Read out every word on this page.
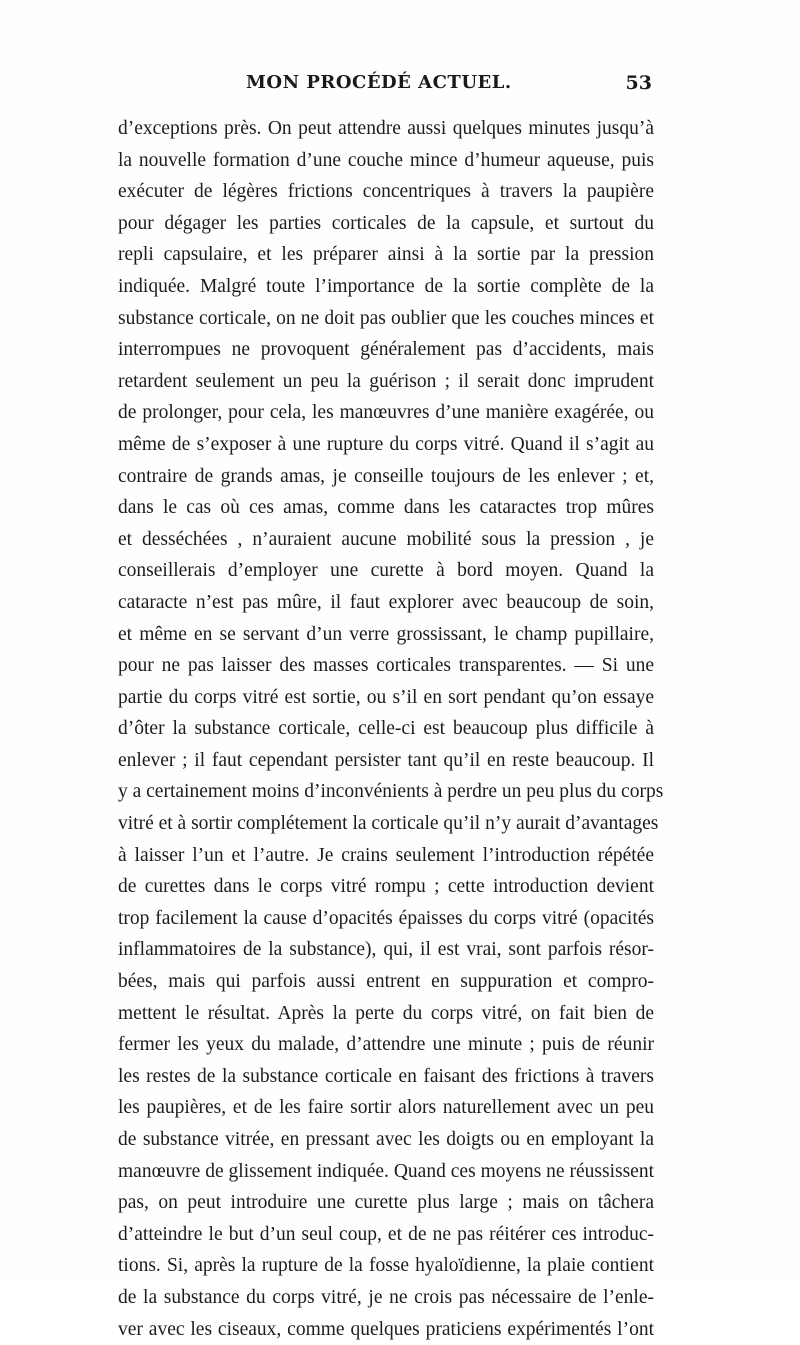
MON PROCÉDÉ ACTUEL.	53
d’exceptions près. On peut attendre aussi quelques minutes jusqu’à
la nouvelle formation d’une couche mince d’humeur aqueuse, puis
exécuter de légères frictions concentriques à travers la paupière
pour dégager les parties corticales de la capsule, et surtout du
repli capsulaire, et les préparer ainsi à la sortie par la pression
indiquée. Malgré toute l’importance de la sortie complète de la
substance corticale, on ne doit pas oublier que les couches minces et
interrompues ne provoquent généralement pas d’accidents, mais
retardent seulement un peu la guérison ; il serait donc imprudent
de prolonger, pour cela, les manœuvres d’une manière exagérée, ou
même de s’exposer à une rupture du corps vitré. Quand il s’agit au
contraire de grands amas, je conseille toujours de les enlever ; et,
dans le cas où ces amas, comme dans les cataractes trop mûres
et desséchées , n’auraient aucune mobilité sous la pression , je
conseillerais d’employer une curette à bord moyen. Quand la
cataracte n’est pas mûre, il faut explorer avec beaucoup de soin,
et même en se servant d’un verre grossissant, le champ pupillaire,
pour ne pas laisser des masses corticales transparentes. — Si une
partie du corps vitré est sortie, ou s’il en sort pendant qu’on essaye
d’ôter la substance corticale, celle-ci est beaucoup plus difficile à
enlever ; il faut cependant persister tant qu’il en reste beaucoup. Il
y a certainement moins d’inconvénients à perdre un peu plus du corps
vitré et à sortir complétement la corticale qu’il n’y aurait d’avantages
à laisser l’un et l’autre. Je crains seulement l’introduction répétée
de curettes dans le corps vitré rompu ; cette introduction devient
trop facilement la cause d’opacités épaisses du corps vitré (opacités
inflammatoires de la substance), qui, il est vrai, sont parfois résor-
bées, mais qui parfois aussi entrent en suppuration et compro-
mettent le résultat. Après la perte du corps vitré, on fait bien de
fermer les yeux du malade, d’attendre une minute ; puis de réunir
les restes de la substance corticale en faisant des frictions à travers
les paupières, et de les faire sortir alors naturellement avec un peu
de substance vitrée, en pressant avec les doigts ou en employant la
manœuvre de glissement indiquée. Quand ces moyens ne réussissent
pas, on peut introduire une curette plus large ; mais on tâchera
d’atteindre le but d’un seul coup, et de ne pas réitérer ces introduc-
tions. Si, après la rupture de la fosse hyaloïdienne, la plaie contient
de la substance du corps vitré, je ne crois pas nécessaire de l’enle-
ver avec les ciseaux, comme quelques praticiens expérimentés l’ont
